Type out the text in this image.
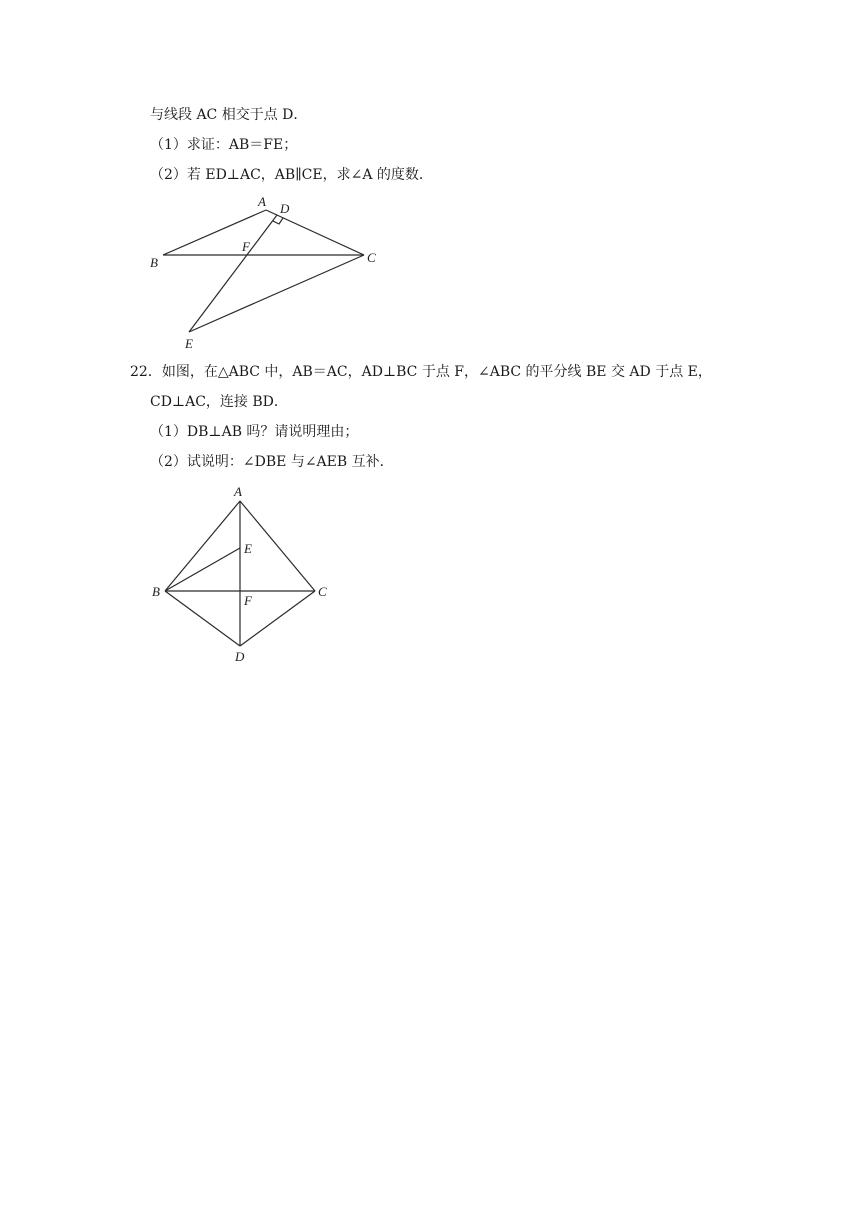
与线段 AC 相交于点 D．
（1）求证：AB＝FE；
（2）若 ED⊥AC，AB∥CE，求∠A 的度数．
A D
F
B	C
E
22．如图，在△ABC 中，AB＝AC，AD⊥BC 于点 F，∠ABC 的平分线 BE 交 AD 于点 E，
CD⊥AC，连接 BD．
（1）DB⊥AB 吗？请说明理由；
（2）试说明：∠DBE 与∠AEB 互补．
A
E
B
F
C
D
